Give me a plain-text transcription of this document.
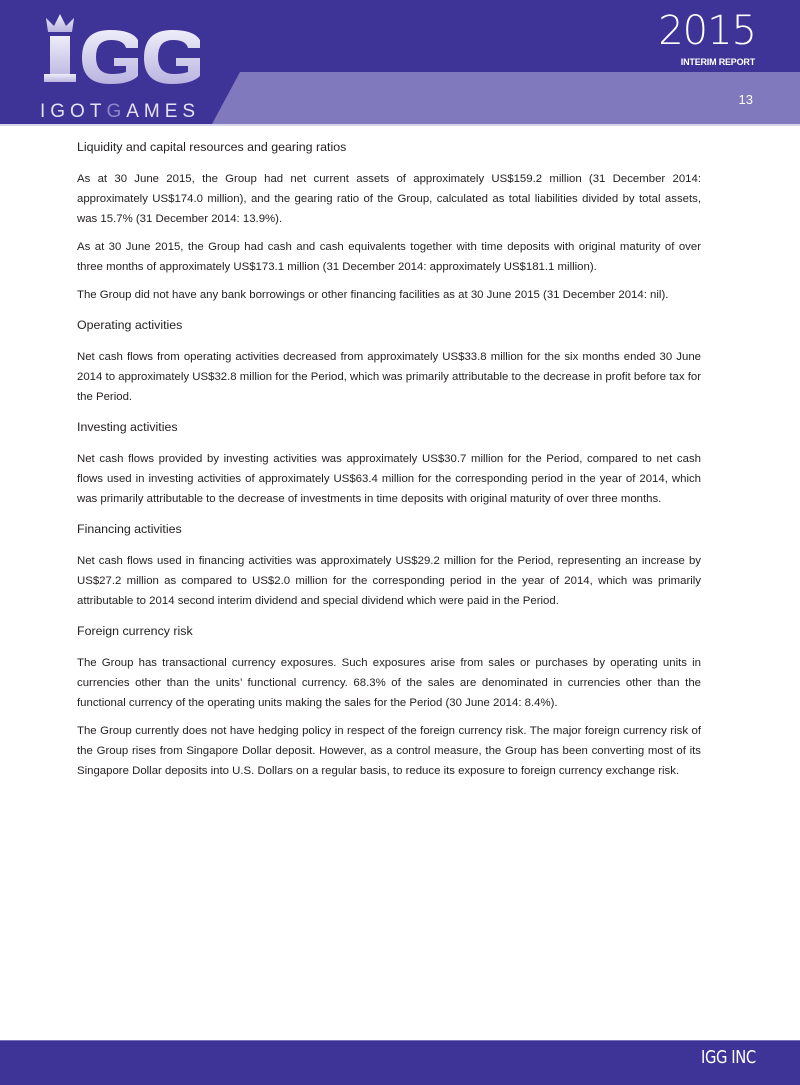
IGOTGAMES
2015
INTERIM REPORT
13
Liquidity and capital resources and gearing ratios

As at 30 June 2015, the Group had net current assets of approximately US$159.2 million (31 December 2014: approximately US$174.0 million), and the gearing ratio of the Group, calculated as total liabilities divided by total assets, was 15.7% (31 December 2014: 13.9%).

As at 30 June 2015, the Group had cash and cash equivalents together with time deposits with original maturity of over three months of approximately US$173.1 million (31 December 2014: approximately US$181.1 million).

The Group did not have any bank borrowings or other financing facilities as at 30 June 2015 (31 December 2014: nil).

Operating activities

Net cash flows from operating activities decreased from approximately US$33.8 million for the six months ended 30 June 2014 to approximately US$32.8 million for the Period, which was primarily attributable to the decrease in profit before tax for the Period.

Investing activities

Net cash flows provided by investing activities was approximately US$30.7 million for the Period, compared to net cash flows used in investing activities of approximately US$63.4 million for the corresponding period in the year of 2014, which was primarily attributable to the decrease of investments in time deposits with original maturity of over three months.

Financing activities

Net cash flows used in financing activities was approximately US$29.2 million for the Period, representing an increase by US$27.2 million as compared to US$2.0 million for the corresponding period in the year of 2014, which was primarily attributable to 2014 second interim dividend and special dividend which were paid in the Period.

Foreign currency risk

The Group has transactional currency exposures. Such exposures arise from sales or purchases by operating units in currencies other than the units’ functional currency. 68.3% of the sales are denominated in currencies other than the functional currency of the operating units making the sales for the Period (30 June 2014: 8.4%).

The Group currently does not have hedging policy in respect of the foreign currency risk. The major foreign currency risk of the Group rises from Singapore Dollar deposit. However, as a control measure, the Group has been converting most of its Singapore Dollar deposits into U.S. Dollars on a regular basis, to reduce its exposure to foreign currency exchange risk.

IGG INC
